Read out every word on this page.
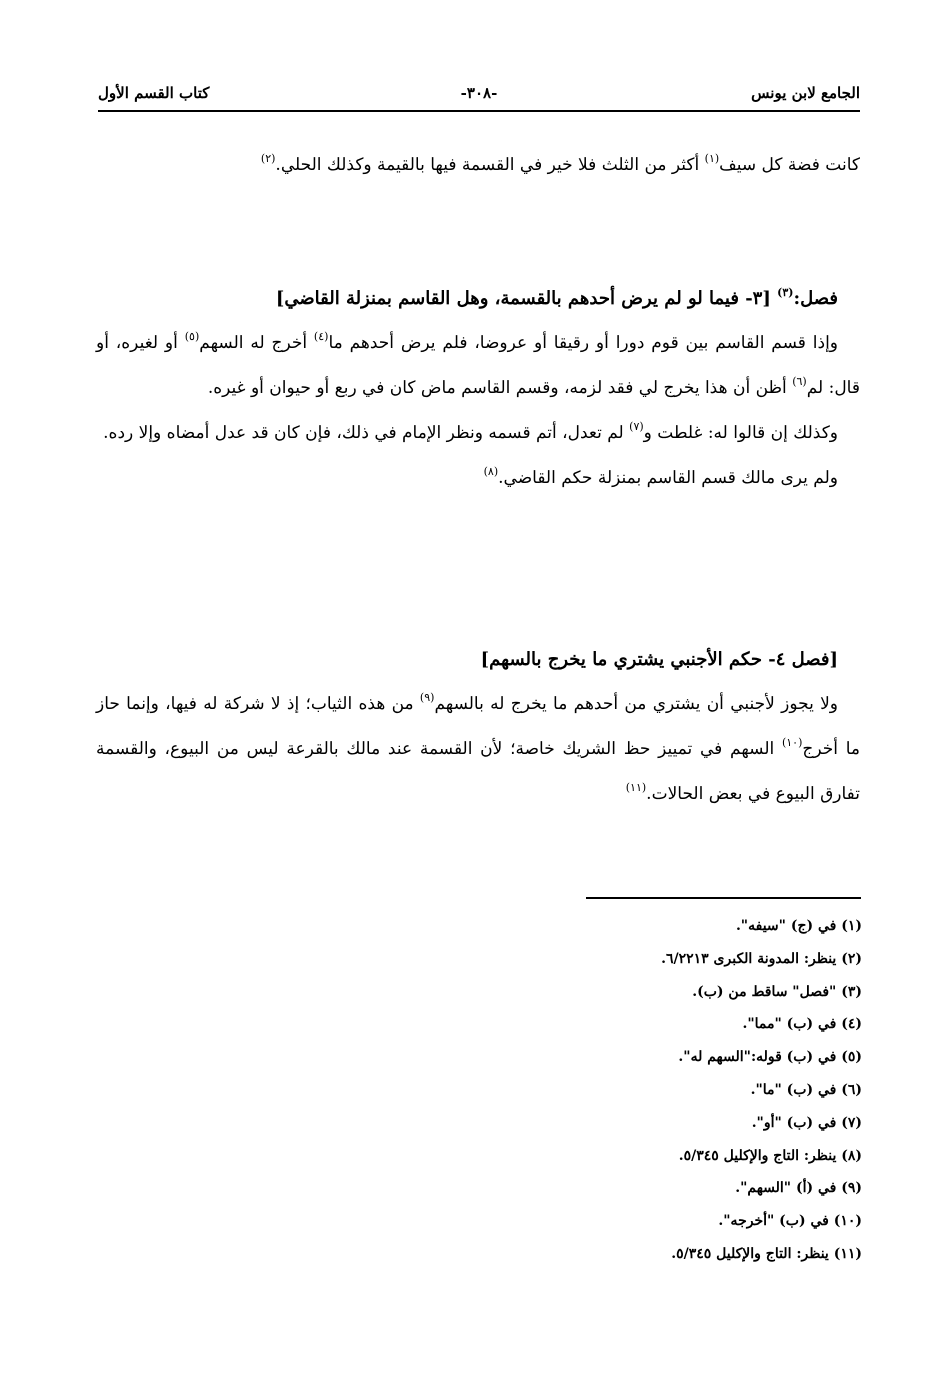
الجامع لابن يونس
-٣٠٨-
كتاب القسم الأول

كانت فضة كل سيف$^{(١)}$ أكثر من الثلث فلا خير في القسمة فيها بالقيمة وكذلك الحلي.$^{(٢)}$

فصل:$^{(٣)}$ [٣- فيما لو لم يرض أحدهم بالقسمة، وهل القاسم بمنزلة القاضي]

وإذا قسم القاسم بين قوم دورا أو رقيقا أو عروضا، فلم يرض أحدهم ما$^{(٤)}$ أخرج له السهم$^{(٥)}$ أو لغيره، أو قال: لم$^{(٦)}$ أظن أن هذا يخرج لي فقد لزمه، وقسم القاسم ماض كان في ربع أو حيوان أو غيره.

وكذلك إن قالوا له: غلطت و$^{(٧)}$ لم تعدل، أتم قسمه ونظر الإمام في ذلك، فإن كان قد عدل أمضاه وإلا رده.

ولم يرى مالك قسم القاسم بمنزلة حكم القاضي.$^{(٨)}$

[فصل ٤- حكم الأجنبي يشتري ما يخرج بالسهم]

ولا يجوز لأجنبي أن يشتري من أحدهم ما يخرج له بالسهم$^{(٩)}$ من هذه الثياب؛ إذ لا شركة له فيها، وإنما حاز ما أخرج$^{(١٠)}$ السهم في تمييز حظ الشريك خاصة؛ لأن القسمة عند مالك بالقرعة ليس من البيوع، والقسمة تفارق البيوع في بعض الحالات.$^{(١١)}$

(١) في (ج) "سيفه".
(٢) ينظر: المدونة الكبرى ٦/٢٢١٣.
(٣) "فصل" ساقط من (ب).
(٤) في (ب) "مما".
(٥) في (ب) قوله:"السهم له".
(٦) في (ب) "ما".
(٧) في (ب) "أو".
(٨) ينظر: التاج والإكليل ٥/٣٤٥.
(٩) في (أ) "السهم".
(١٠) في (ب) "أخرجه".
(١١) ينظر: التاج والإكليل ٥/٣٤٥.
